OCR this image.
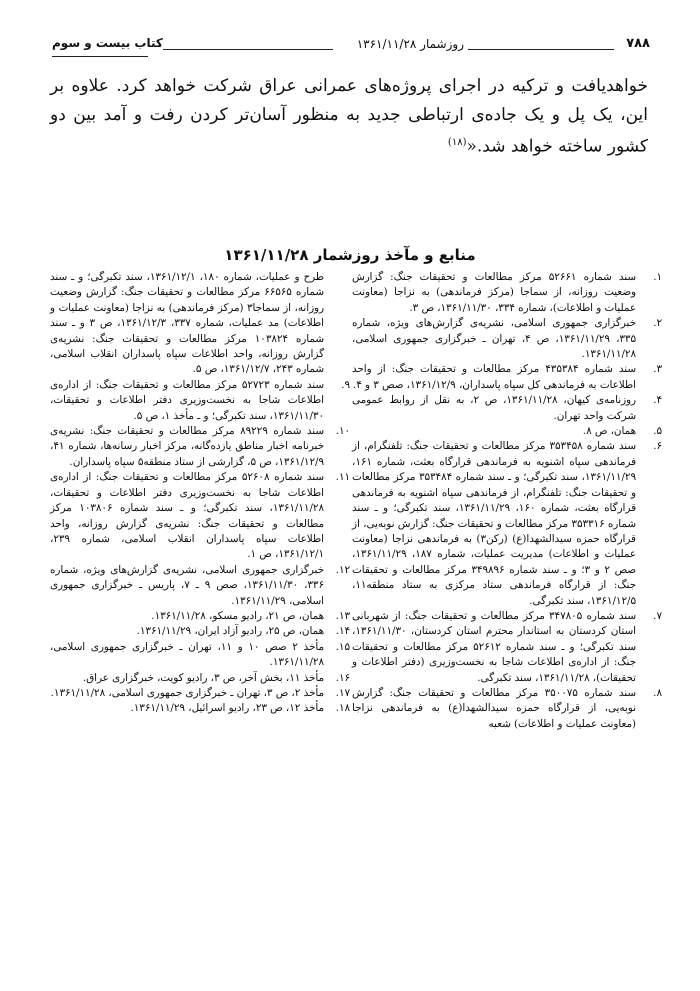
۷۸۸
روزشمار ۱۳۶۱/۱۱/۲۸
کتاب بیست و سوم
خواهدیافت و ترکیه در اجرای پروژه‌های عمرانی عراق شرکت خواهد کرد. علاوه بر این، یک پل و یک جاده‌ی ارتباطی جدید به منظور آسان‌تر کردن رفت و آمد بین دو کشور ساخته خواهد شد.«$^{(۱۸)}$
منابع و مآخذ روزشمار ۱۳۶۱/۱۱/۲۸

۱.سند شماره ۵۲۶۶۱ مرکز مطالعات و تحقیقات جنگ: گزارش وضعیت روزانه، از سماجا (مرکز فرماندهی) به نزاجا (معاونت عملیات و اطلاعات)، شماره ۳۳۴، ۱۳۶۱/۱۱/۳۰، ص ۳.

۲.خبرگزاری جمهوری اسلامی، نشریه‌ی گزارش‌های ویژه، شماره ۳۳۵، ۱۳۶۱/۱۱/۲۹، ص ۴، تهران ـ خبرگزاری جمهوری اسلامی، ۱۳۶۱/۱۱/۲۸.

۳.سند شماره ۴۳۵۳۸۴ مرکز مطالعات و تحقیقات جنگ: از واحد اطلاعات به فرماندهی کل سپاه پاسداران، ۱۳۶۱/۱۲/۹، صص ۳ و ۴.

۴.روزنامه‌ی کیهان، ۱۳۶۱/۱۱/۲۸، ص ۲، به نقل از روابط عمومی شرکت واحد تهران.

۵.همان، ص ۸.

۶.سند شماره ۳۵۳۴۵۸ مرکز مطالعات و تحقیقات جنگ: تلفنگرام، از فرماندهی سپاه اشنویه به فرماندهی قرارگاه بعثت، شماره ۱۶۱، ۱۳۶۱/۱۱/۲۹، سند تکبرگی؛ و ـ سند شماره ۳۵۳۴۸۴ مرکز مطالعات و تحقیقات جنگ: تلفنگرام، از فرماندهی سپاه اشنویه به فرماندهی قرارگاه بعثت، شماره ۱۶۰، ۱۳۶۱/۱۱/۲۹، سند تکبرگی؛ و ـ سند شماره ۳۵۳۳۱۶ مرکز مطالعات و تحقیقات جنگ: گزارش نوبه‌یی، از قرارگاه حمزه سیدالشهدا(ع) (رکن۳) به فرماندهی نزاجا (معاونت عملیات و اطلاعات) مدیریت عملیات، شماره ۱۸۷، ۱۳۶۱/۱۱/۲۹، صص ۲ و ۳؛ و ـ سند شماره ۳۴۹۸۹۶ مرکز مطالعات و تحقیقات جنگ: از قرارگاه فرماندهی ستاد مرکزی به ستاد منطقه۱۱، ۱۳۶۱/۱۲/۵، سند تکبرگی.

۷.سند شماره ۳۴۷۸۰۵ مرکز مطالعات و تحقیقات جنگ: از شهربانی استان کردستان به استاندار محترم استان کردستان، ۱۳۶۱/۱۱/۳۰، سند تکبرگی؛ و ـ سند شماره ۵۲۶۱۲ مرکز مطالعات و تحقیقات جنگ: از اداره‌ی اطلاعات شاجا به نخست‌وزیری (دفتر اطلاعات و تحقیقات)، ۱۳۶۱/۱۱/۲۸، سند تکبرگی.

۸.سند شماره ۳۵۰۰۷۵ مرکز مطالعات و تحقیقات جنگ: گزارش نوبه‌یی، از قرارگاه حمزه سیدالشهدا(ع) به فرماندهی نزاجا (معاونت عملیات و اطلاعات) شعبه

طرح و عملیات، شماره ۱۸۰، ۱۳۶۱/۱۲/۱، سند تکبرگی؛ و ـ سند شماره ۶۶۵۶۵ مرکز مطالعات و تحقیقات جنگ: گزارش وضعیت روزانه، از سماجا۳ (مرکز فرماندهی) به نزاجا (معاونت عملیات و اطلاعات) مد عملیات، شماره ۳۳۷، ۱۳۶۱/۱۲/۳، ص ۳ و ـ سند شماره ۱۰۳۸۲۴ مرکز مطالعات و تحقیقات جنگ: نشریه‌ی گزارش روزانه، واحد اطلاعات سپاه پاسداران انقلاب اسلامی، شماره ۲۴۳، ۱۳۶۱/۱۲/۷، ص ۵.

۹.سند شماره ۵۲۷۲۳ مرکز مطالعات و تحقیقات جنگ: از اداره‌ی اطلاعات شاجا به نخست‌وزیری دفتر اطلاعات و تحقیقات، ۱۳۶۱/۱۱/۳۰، سند تکبرگی؛ و ـ مأخذ ۱، ص ۵.

۱۰.سند شماره ۸۹۲۲۹ مرکز مطالعات و تحقیقات جنگ: نشریه‌ی خبرنامه اخبار مناطق یازده‌گانه، مرکز اخبار رسانه‌ها، شماره ۴۱، ۱۳۶۱/۱۲/۹، ص ۵، گزارشی از ستاد منطقه۵ سپاه پاسداران.

۱۱.سند شماره ۵۲۶۰۸ مرکز مطالعات و تحقیقات جنگ: از اداره‌ی اطلاعات شاجا به نخست‌وزیری دفتر اطلاعات و تحقیقات، ۱۳۶۱/۱۱/۲۸، سند تکبرگی؛ و ـ سند شماره ۱۰۳۸۰۶ مرکز مطالعات و تحقیقات جنگ: نشریه‌ی گزارش روزانه، واحد اطلاعات سپاه پاسداران انقلاب اسلامی، شماره ۲۳۹، ۱۳۶۱/۱۲/۱، ص ۱.

۱۲.خبرگزاری جمهوری اسلامی، نشریه‌ی گزارش‌های ویژه، شماره ۳۳۶، ۱۳۶۱/۱۱/۳۰، صص ۹ ـ ۷، پاریس ـ خبرگزاری جمهوری اسلامی، ۱۳۶۱/۱۱/۲۹.

۱۳.همان، ص ۲۱، رادیو مسکو، ۱۳۶۱/۱۱/۲۸.

۱۴.همان، ص ۲۵، رادیو آزاد ایران، ۱۳۶۱/۱۱/۲۹.

۱۵.مأخذ ۲ صص ۱۰ و ۱۱، تهران ـ خبرگزاری جمهوری اسلامی، ۱۳۶۱/۱۱/۲۸.

۱۶.مأخذ ۱۱، بخش آخر، ص ۳، رادیو کویت، خبرگزاری عراق.

۱۷.مأخذ ۲، ص ۳، تهران ـ خبرگزاری جمهوری اسلامی، ۱۳۶۱/۱۱/۲۸.

۱۸.مأخذ ۱۲، ص ۲۳، رادیو اسرائیل، ۱۳۶۱/۱۱/۲۹.
